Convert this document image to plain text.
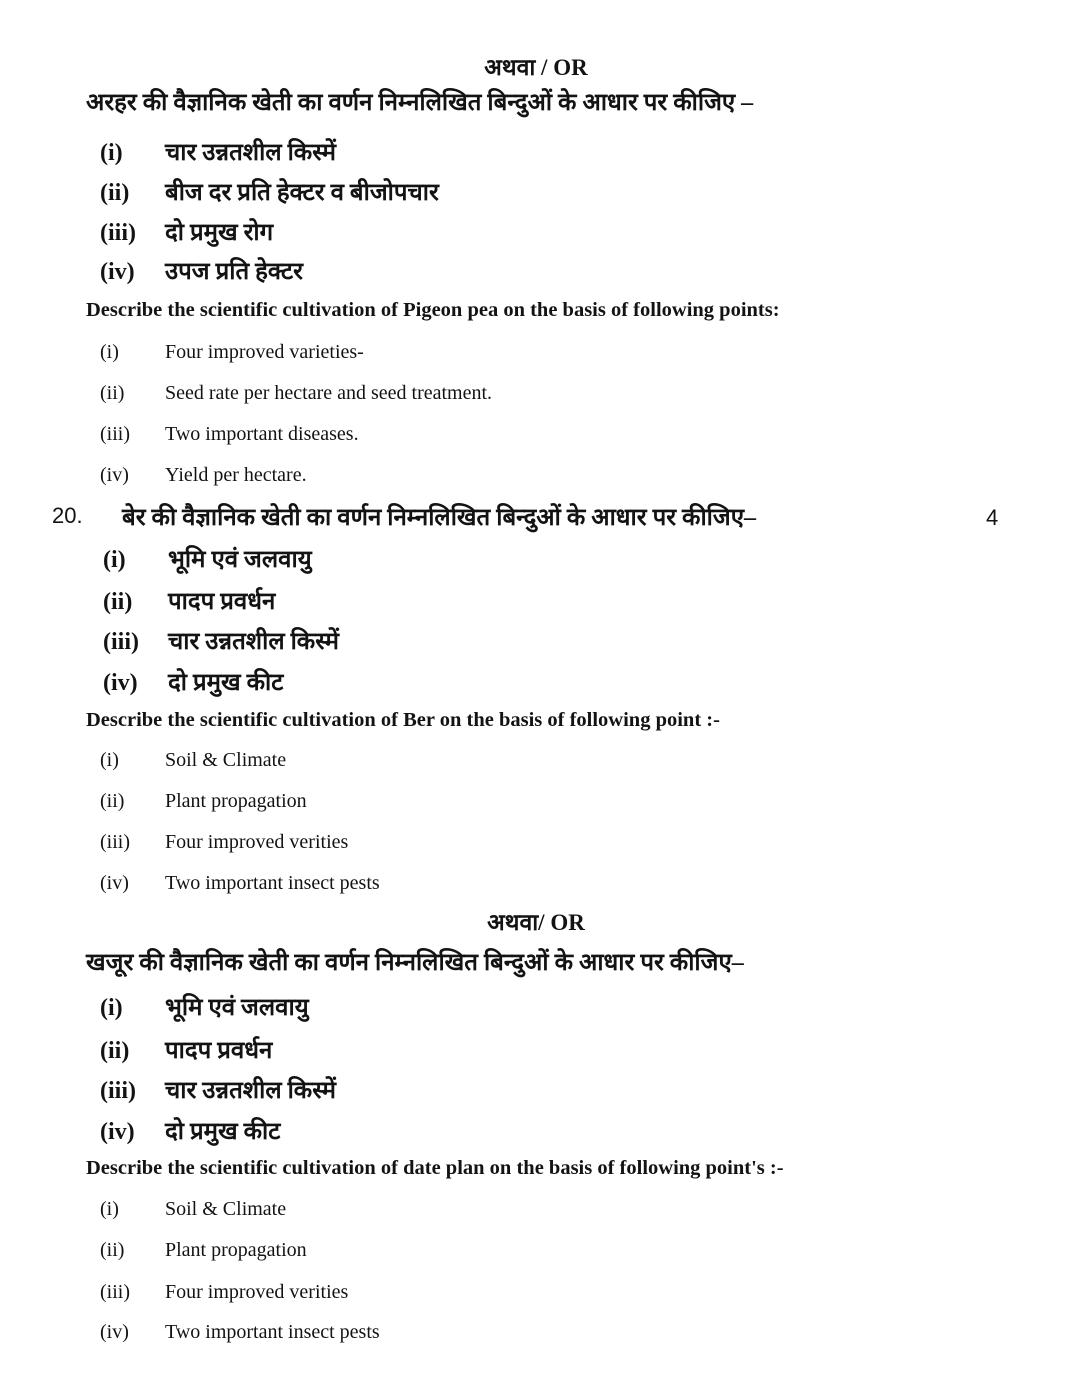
अथवा / OR
अरहर की वैज्ञानिक खेती का वर्णन निम्नलिखित बिन्दुओं के आधार पर कीजिए –
(i)	चार उन्नतशील किस्में
(ii)	बीज दर प्रति हेक्टर व बीजोपचार
(iii)	दो प्रमुख रोग
(iv)	उपज प्रति हेक्टर
Describe the scientific cultivation of Pigeon pea on the basis of following points:
(i)	Four improved varieties-
(ii)	Seed rate per hectare and seed treatment.
(iii)	Two important diseases.
(iv)	Yield per hectare.
20.	बेर की वैज्ञानिक खेती का वर्णन निम्नलिखित बिन्दुओं के आधार पर कीजिए–	4
(i)	भूमि एवं जलवायु
(ii)	पादप प्रवर्धन
(iii)	चार उन्नतशील किस्में
(iv)	दो प्रमुख कीट
Describe the scientific cultivation of Ber on the basis of following point :-
(i)	Soil & Climate
(ii)	Plant propagation
(iii)	Four improved verities
(iv)	Two important insect pests
अथवा/ OR
खजूर की वैज्ञानिक खेती का वर्णन निम्नलिखित बिन्दुओं के आधार पर कीजिए–
(i)	भूमि एवं जलवायु
(ii)	पादप प्रवर्धन
(iii)	चार उन्नतशील किस्में
(iv)	दो प्रमुख कीट
Describe the scientific cultivation of date plan on the basis of following point's :-
(i)	Soil & Climate
(ii)	Plant propagation
(iii)	Four improved verities
(iv)	Two important insect pests
